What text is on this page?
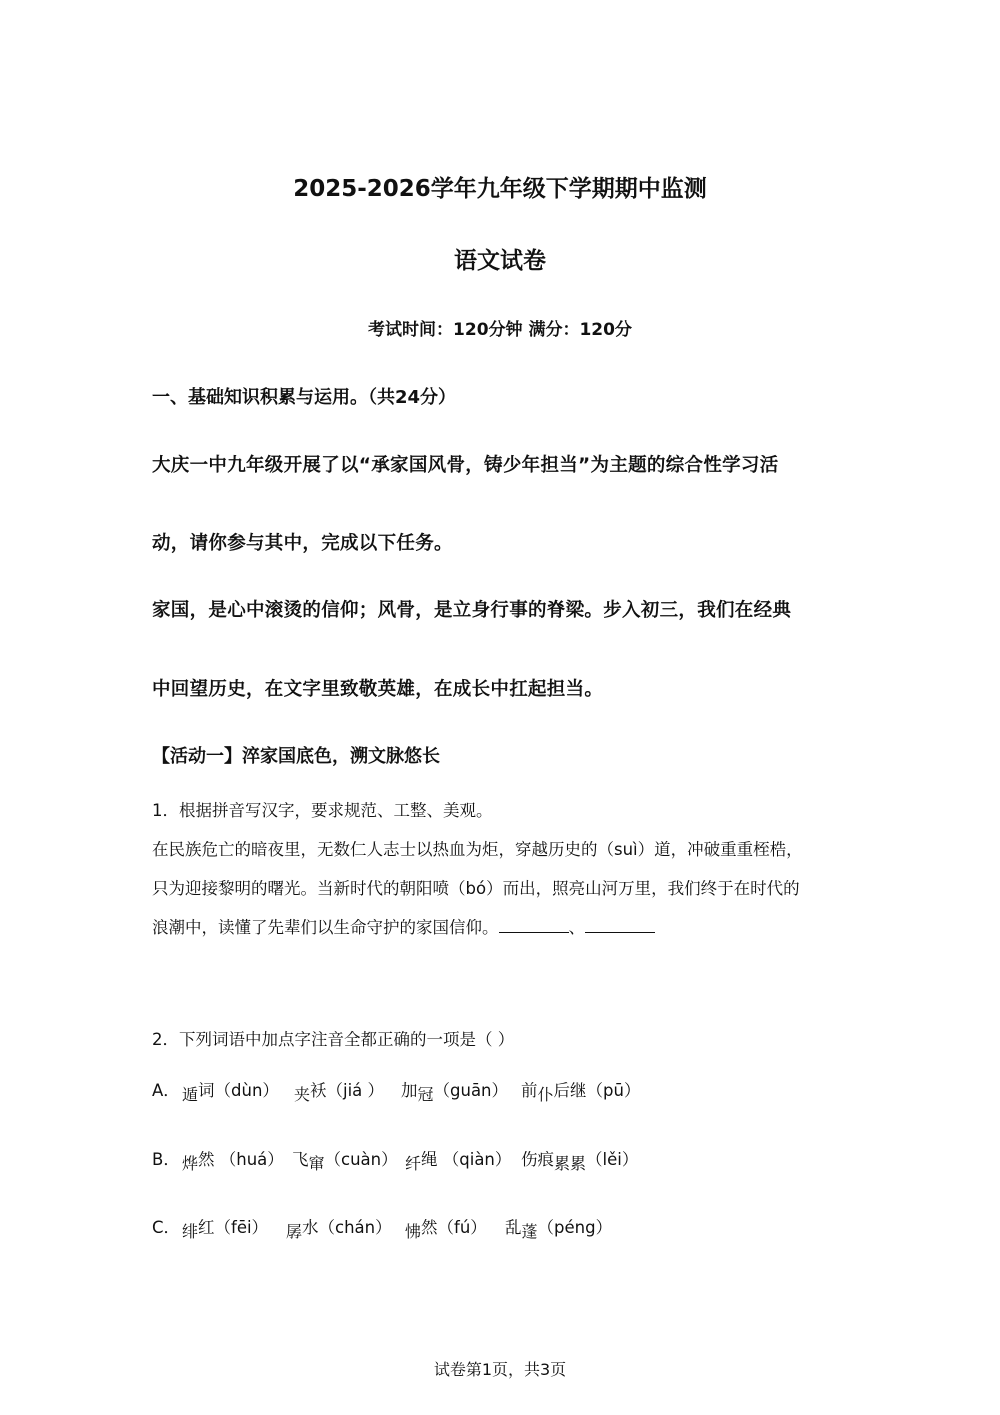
2025-2026学年九年级下学期期中监测
语文试卷
考试时间：120分钟 满分：120分
一、基础知识积累与运用。（共24分）
大庆一中九年级开展了以“承家国风骨，铸少年担当”为主题的综合性学习活
动，请你参与其中，完成以下任务。
家国，是心中滚烫的信仰；风骨，是立身行事的脊梁。步入初三，我们在经典
中回望历史，在文字里致敬英雄，在成长中扛起担当。
【活动一】淬家国底色，溯文脉悠长
1．根据拼音写汉字，要求规范、工整、美观。
在民族危亡的暗夜里，无数仁人志士以热血为炬，穿越历史的（suì）道，冲破重重桎梏，
只为迎接黎明的曙光。当新时代的朝阳喷（bó）而出，照亮山河万里，我们终于在时代的
浪潮中，读懂了先辈们以生命守护的家国信仰。	、
2．下列词语中加点字注音全都正确的一项是（ ）
A． 遁词（dùn） 夹袄（jiá ） 加冠（guān） 前仆后继（pū）
B． 烨然 （huá） 飞窜（cuàn） 纤绳 （qiàn） 伤痕累累（lěi）
C． 绯红（fēi） 孱水（chán） 怫然（fú） 乱蓬（péng）
试卷第1页，共3页
